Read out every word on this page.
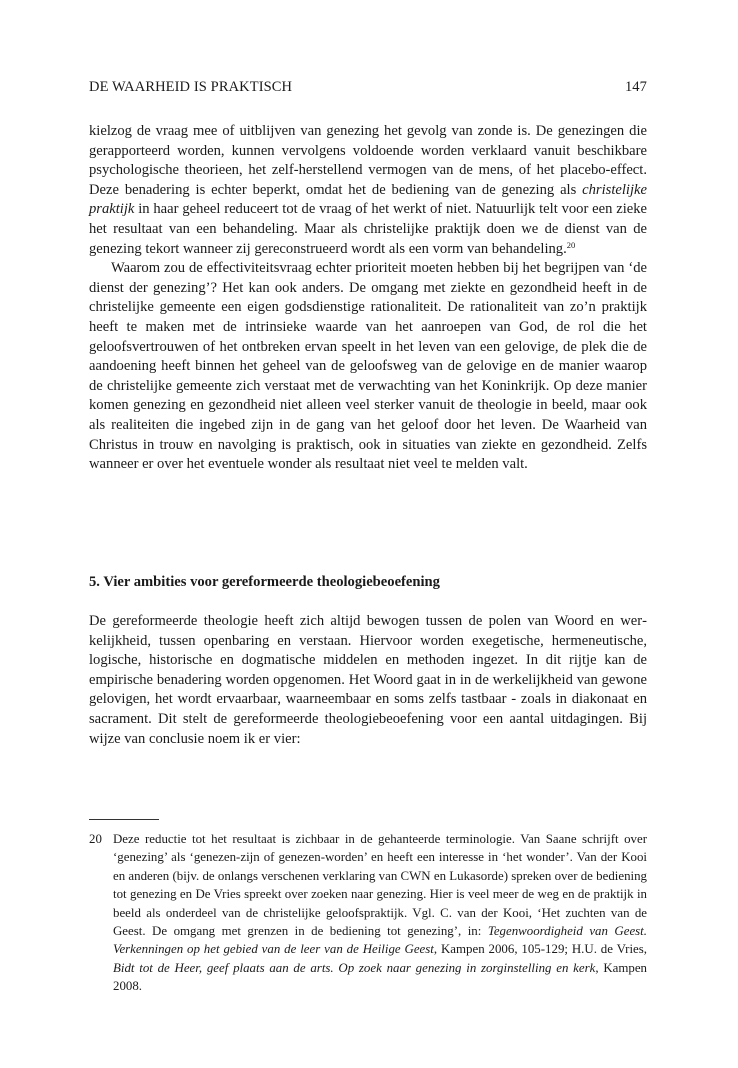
DE WAARHEID IS PRAKTISCH	147

kielzog de vraag mee of uitblijven van genezing het gevolg van zonde is. De genezingen die gerapporteerd worden, kunnen vervolgens voldoende worden verklaard vanuit beschikbare psychologische theorieen, het zelf-herstellend vermogen van de mens, of het placebo-effect. Deze benadering is echter beperkt, omdat het de bediening van de genezing als christelijke praktijk in haar geheel reduceert tot de vraag of het werkt of niet. Natuurlijk telt voor een zieke het resultaat van een behandeling. Maar als christelijke praktijk doen we de dienst van de genezing tekort wanneer zij gereconstrueerd wordt als een vorm van behandeling.$^{20}$

Waarom zou de effectiviteitsvraag echter prioriteit moeten hebben bij het begrijpen van ‘de dienst der genezing’? Het kan ook anders. De omgang met ziekte en gezondheid heeft in de christelijke gemeente een eigen godsdienstige rationaliteit. De rationaliteit van zo’n praktijk heeft te maken met de intrinsieke waarde van het aanroepen van God, de rol die het geloofsvertrouwen of het ontbreken ervan speelt in het leven van een gelovige, de plek die de aandoening heeft binnen het geheel van de geloofsweg van de gelovige en de manier waarop de christelijke gemeente zich verstaat met de verwachting van het Koninkrijk. Op deze manier komen genezing en gezondheid niet alleen veel sterker vanuit de theologie in beeld, maar ook als realiteiten die ingebed zijn in de gang van het geloof door het leven. De Waarheid van Christus in trouw en navolging is praktisch, ook in situaties van ziekte en gezondheid. Zelfs wanneer er over het eventuele wonder als resultaat niet veel te melden valt.

5. Vier ambities voor gereformeerde theologiebeoefening

De gereformeerde theologie heeft zich altijd bewogen tussen de polen van Woord en werkelijkheid, tussen openbaring en verstaan. Hiervoor worden exegetische, hermeneutische, logische, historische en dogmatische middelen en methoden ingezet. In dit rijtje kan de empirische benadering worden opgenomen. Het Woord gaat in in de werkelijkheid van gewone gelovigen, het wordt ervaarbaar, waarneembaar en soms zelfs tastbaar - zoals in diakonaat en sacrament. Dit stelt de gereformeerde theologiebeoefening voor een aantal uitdagingen. Bij wijze van conclusie noem ik er vier:

20 Deze reductie tot het resultaat is zichbaar in de gehanteerde terminologie. Van Saane schrijft over ‘genezing’ als ‘genezen-zijn of genezen-worden’ en heeft een interesse in ‘het wonder’. Van der Kooi en anderen (bijv. de onlangs verschenen verklaring van CWN en Lukasorde) spreken over de bediening tot genezing en De Vries spreekt over zoeken naar genezing. Hier is veel meer de weg en de praktijk in beeld als onderdeel van de christelijke geloofspraktijk. Vgl. C. van der Kooi, ‘Het zuchten van de Geest. De omgang met grenzen in de bediening tot genezing’, in: Tegenwoordigheid van Geest. Verkenningen op het gebied van de leer van de Heilige Geest, Kampen 2006, 105-129; H.U. de Vries, Bidt tot de Heer, geef plaats aan de arts. Op zoek naar genezing in zorginstelling en kerk, Kampen 2008.
